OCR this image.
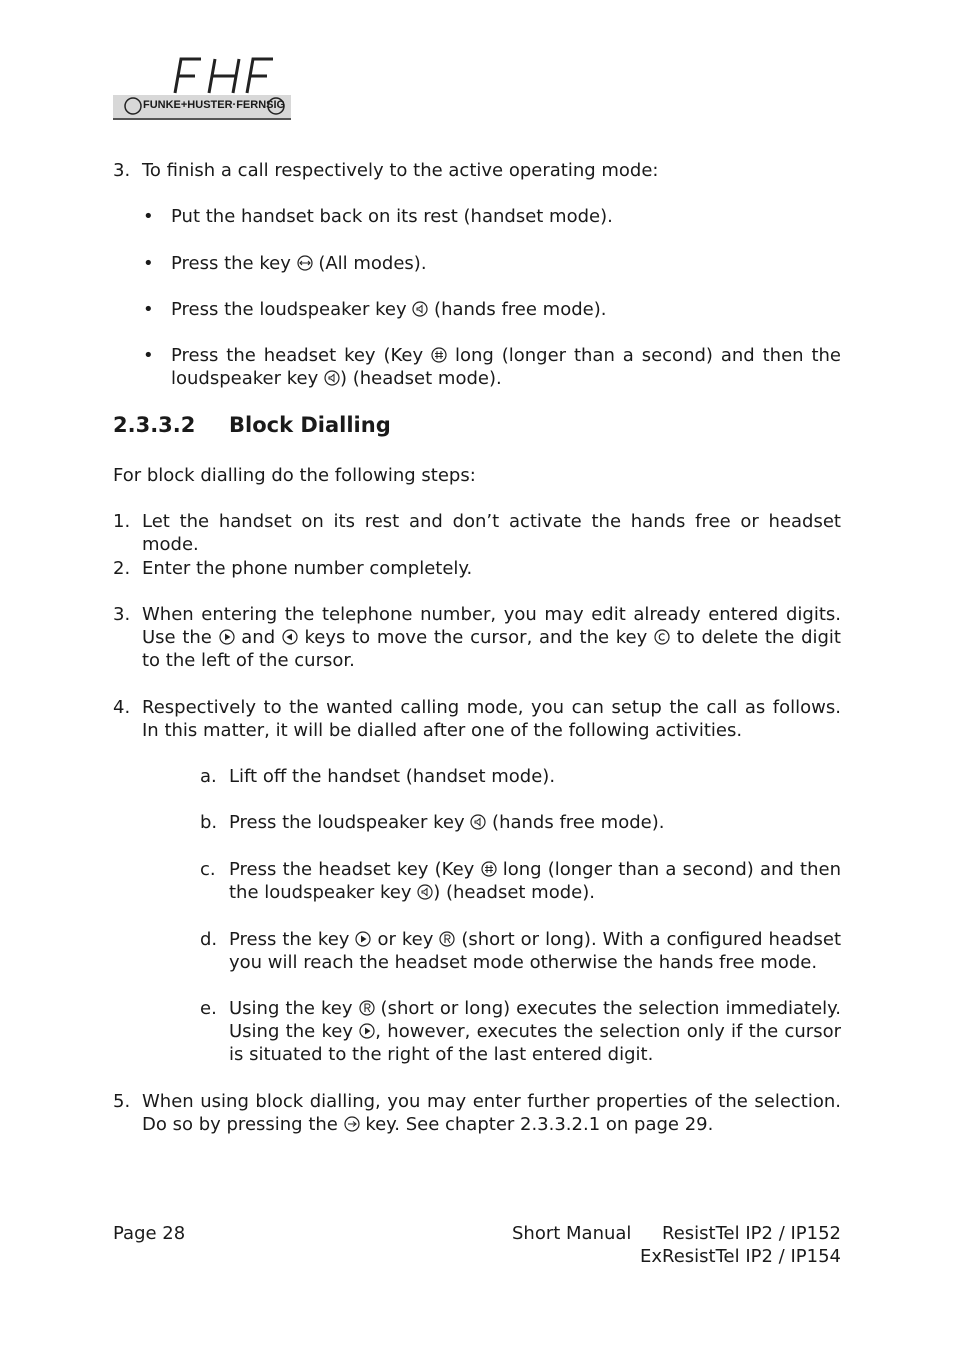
FUNKE+HUSTER·FERNSIG
3. To finish a call respectively to the active operating mode:
• Put the handset back on its rest (handset mode).
• Press the key
(All modes).
• Press the loudspeaker key
(hands free mode).
• Press the headset key (Key
long (longer than a second) and then the loudspeaker key
) (headset mode).
2.3.3.2 Block Dialling
For block dialling do the following steps:
1. Let the handset on its rest and don’t activate the hands free or headset mode.
2. Enter the phone number completely.
3. When entering the telephone number, you may edit already entered digits. Use the
and
keys to move the cursor, and the key
to delete the digit to the left of the cursor.
4. Respectively to the wanted calling mode, you can setup the call as follows. In this matter, it will be dialled after one of the following activities.
a. Lift off the handset (handset mode).
b. Press the loudspeaker key
(hands free mode).
c. Press the headset key (Key
long (longer than a second) and then the loudspeaker key
) (headset mode).
d. Press the key
or key
(short or long). With a configured headset you will reach the headset mode otherwise the hands free mode.
e. Using the key
(short or long) executes the selection immediately. Using the key
, however, executes the selection only if the cursor is situated to the right of the last entered digit.
5. When using block dialling, you may enter further properties of the selection. Do so by pressing the
key. See chapter 2.3.3.2.1 on page 29.
Page 28	Short Manual	ResistTel IP2 / IP152
ExResistTel IP2 / IP154
